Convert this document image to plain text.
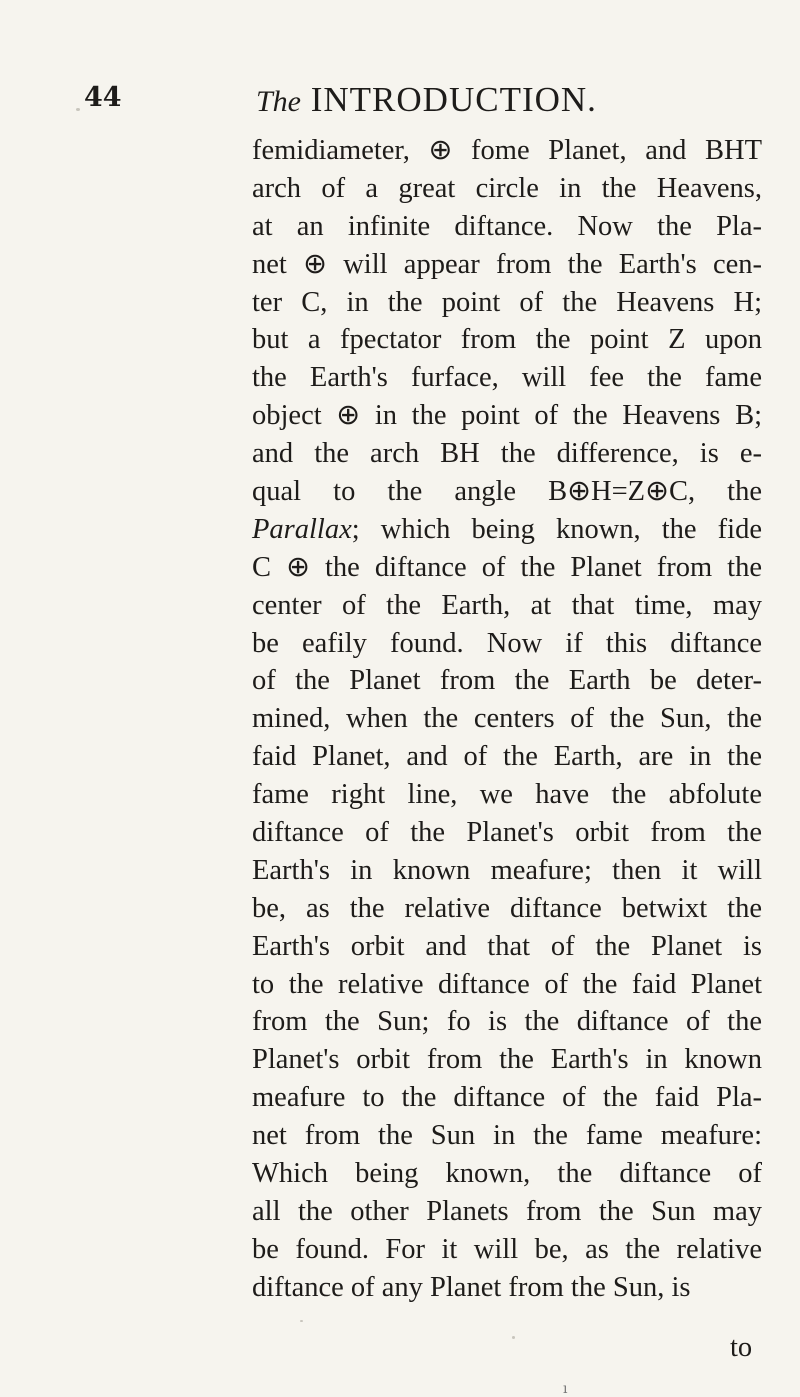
44	The INTRODUCTION.
femidiameter, ⊕ fome Planet, and BHT
arch of a great circle in the Heavens,
at an infinite diftance. Now the Pla-
net ⊕ will appear from the Earth's cen-
ter C, in the point of the Heavens H;
but a fpectator from the point Z upon
the Earth's furface, will fee the fame
object ⊕ in the point of the Heavens B;
and the arch BH the difference, is e-
qual to the angle B⊕H=Z⊕C, the
Parallax; which being known, the fide
C ⊕ the diftance of the Planet from the
center of the Earth, at that time, may
be eafily found. Now if this diftance
of the Planet from the Earth be deter-
mined, when the centers of the Sun, the
faid Planet, and of the Earth, are in the
fame right line, we have the abfolute
diftance of the Planet's orbit from the
Earth's in known meafure; then it will
be, as the relative diftance betwixt the
Earth's orbit and that of the Planet is
to the relative diftance of the faid Planet
from the Sun; fo is the diftance of the
Planet's orbit from the Earth's in known
meafure to the diftance of the faid Pla-
net from the Sun in the fame meafure:
Which being known, the diftance of
all the other Planets from the Sun may
be found. For it will be, as the relative
diftance of any Planet from the Sun, is
to
ı
